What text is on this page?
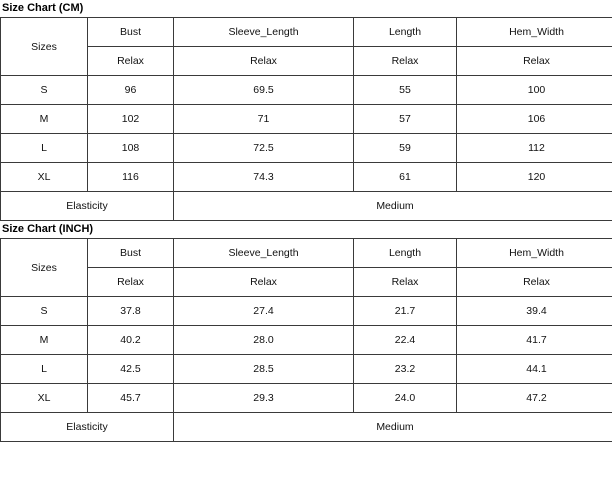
Size Chart (CM)
Sizes	Bust	Sleeve_Length	Length	Hem_Width
	Relax	Relax	Relax	Relax
S	96	69.5	55	100
M	102	71	57	106
L	108	72.5	59	112
XL	116	74.3	61	120
Elasticity		Medium		
Size Chart (INCH)
Sizes	Bust	Sleeve_Length	Length	Hem_Width
	Relax	Relax	Relax	Relax
S	37.8	27.4	21.7	39.4
M	40.2	28.0	22.4	41.7
L	42.5	28.5	23.2	44.1
XL	45.7	29.3	24.0	47.2
Elasticity		Medium		
